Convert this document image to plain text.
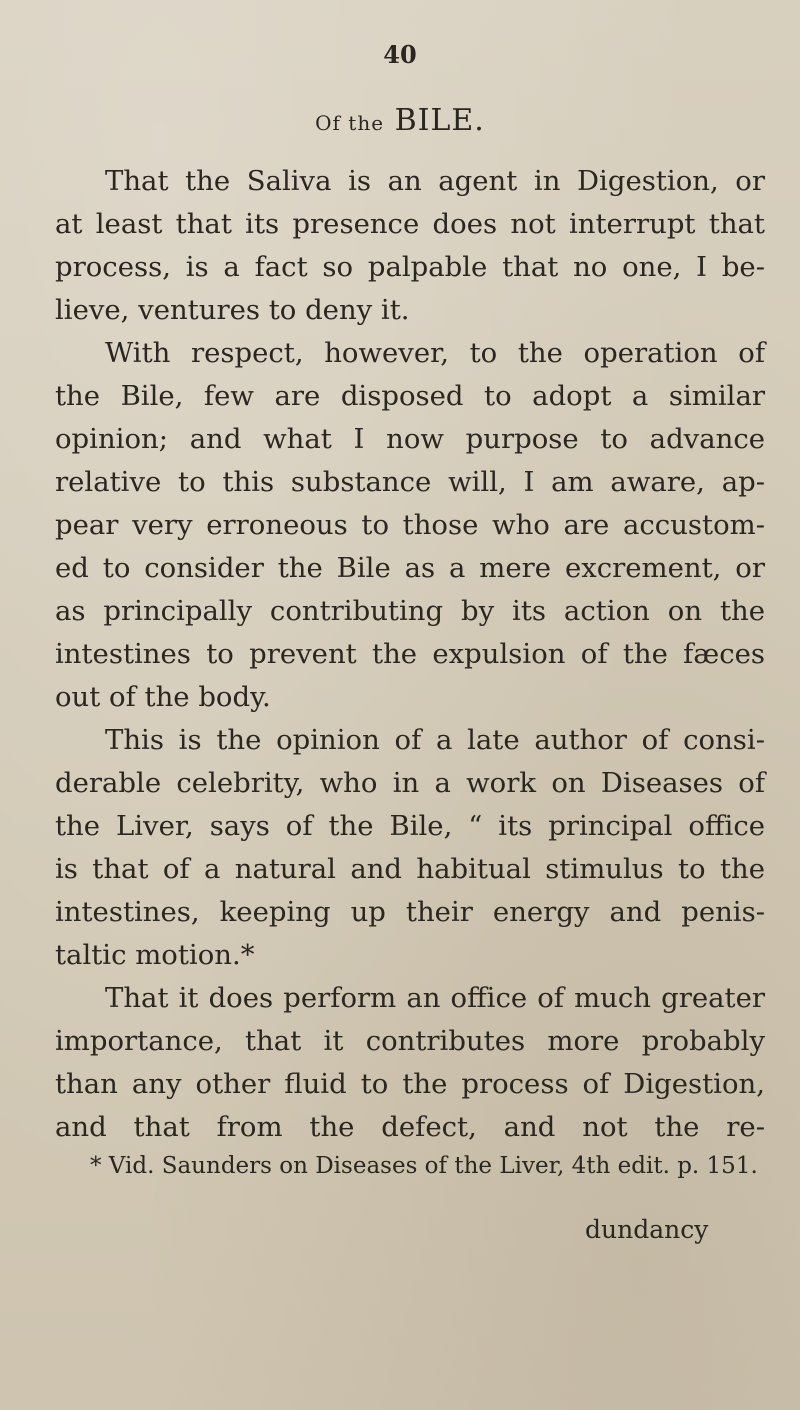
40
Of the BILE.
That the Saliva is an agent in Digestion, or
at least that its presence does not interrupt that
process, is a fact so palpable that no one, I be-
lieve, ventures to deny it.
With respect, however, to the operation of
the Bile, few are disposed to adopt a similar
opinion; and what I now purpose to advance
relative to this substance will, I am aware, ap-
pear very erroneous to those who are accustom-
ed to consider the Bile as a mere excrement, or
as principally contributing by its action on the
intestines to prevent the expulsion of the fæces
out of the body.
This is the opinion of a late author of consi-
derable celebrity, who in a work on Diseases of
the Liver, says of the Bile, “ its principal office
is that of a natural and habitual stimulus to the
intestines, keeping up their energy and penis-
taltic motion.*
That it does perform an office of much greater
importance, that it contributes more probably
than any other fluid to the process of Digestion,
and that from the defect, and not the re-
* Vid. Saunders on Diseases of the Liver, 4th edit. p. 151.
dundancy
